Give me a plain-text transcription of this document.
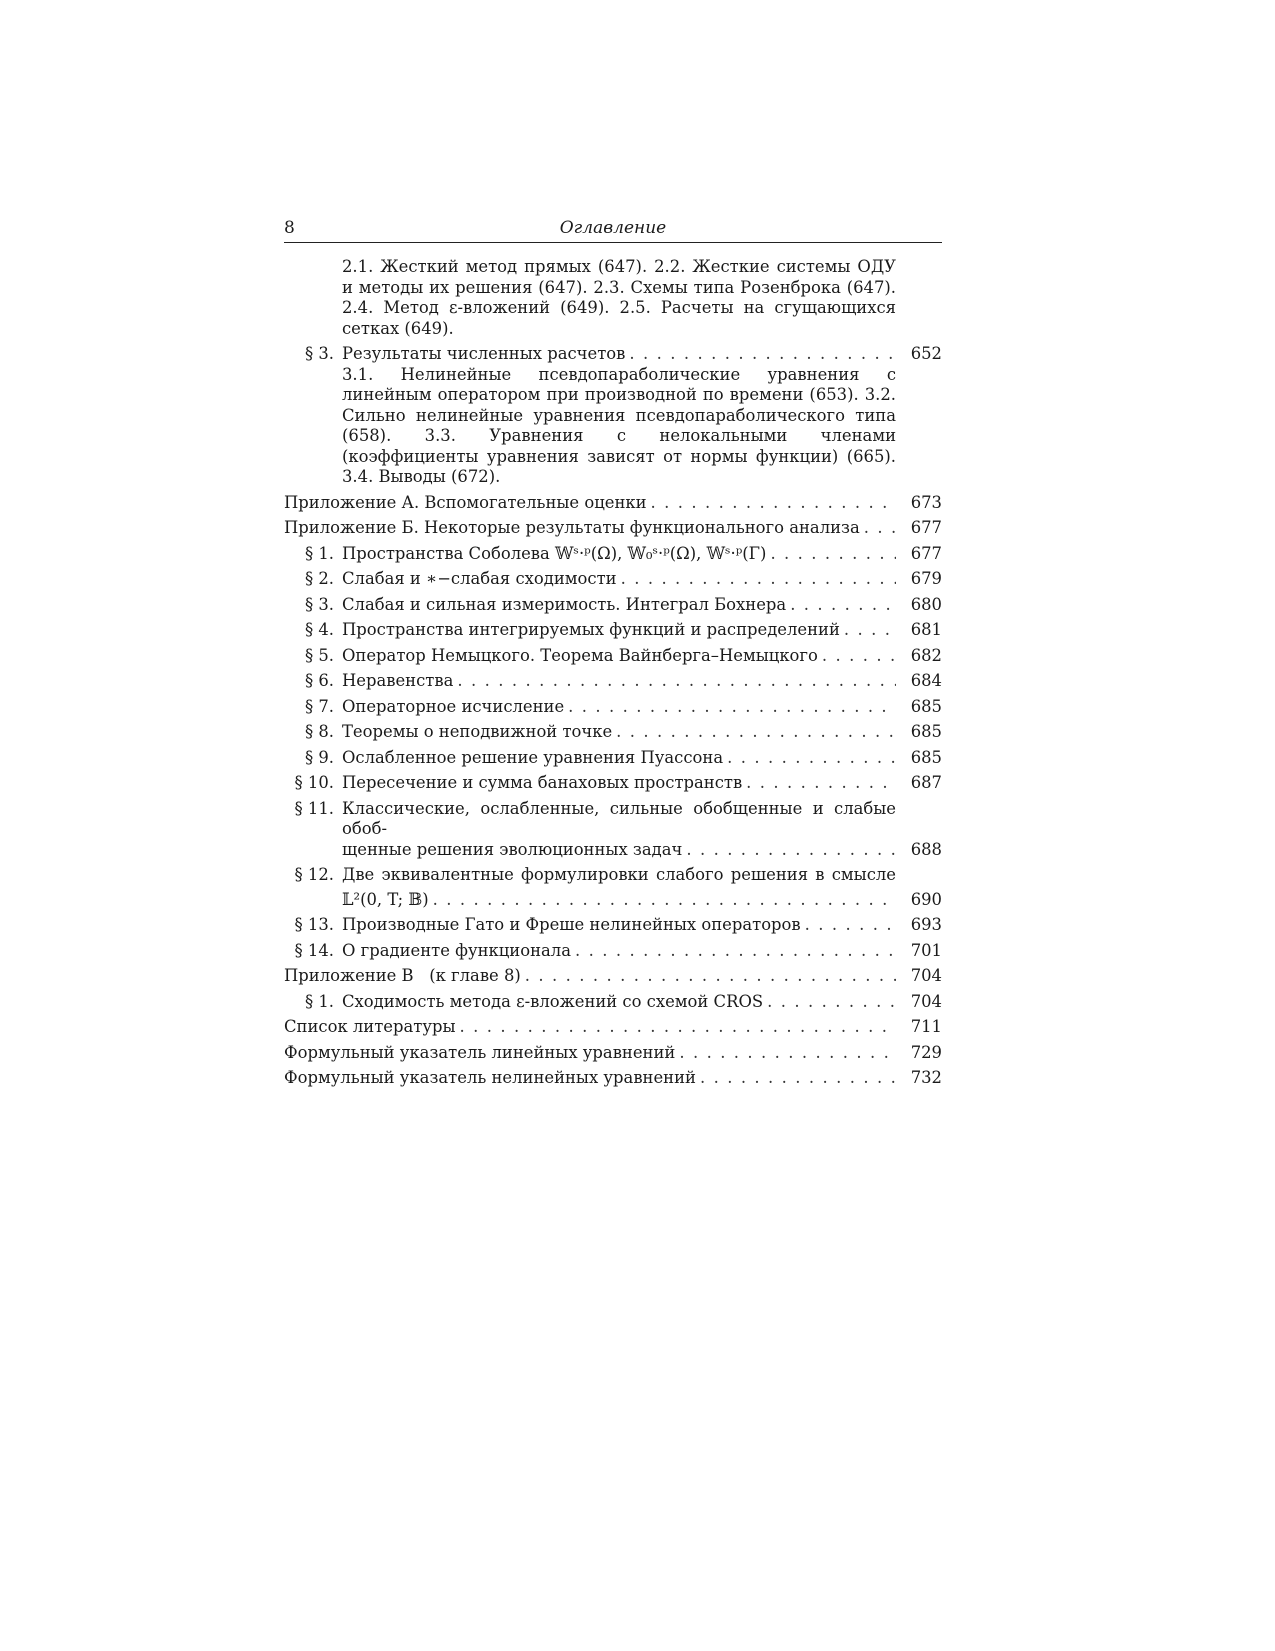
8	Оглавление
2.1. Жесткий метод прямых (647). 2.2. Жесткие системы ОДУ и методы их решения (647). 2.3. Схемы типа Розенброка (647). 2.4. Метод ε-вложений (649). 2.5. Расчеты на сгущающихся сетках (649).
§ 3. Результаты численных расчетов . . .	652
3.1. Нелинейные псевдопараболические уравнения с линейным оператором при производной по времени (653). 3.2. Сильно нелинейные уравнения псевдопараболического типа (658). 3.3. Уравнения с нелокальными членами (коэффициенты уравнения зависят от нормы функции) (665). 3.4. Выводы (672).
Приложение А. Вспомогательные оценки . . .	673
Приложение Б. Некоторые результаты функционального анализа . . .	677
§ 1. Пространства Соболева 𝕎ˢ·ᵖ(Ω), 𝕎₀ˢ·ᵖ(Ω), 𝕎ˢ·ᵖ(Γ) . . .	677
§ 2. Слабая и ∗−слабая сходимости . . .	679
§ 3. Слабая и сильная измеримость. Интеграл Бохнера . . .	680
§ 4. Пространства интегрируемых функций и распределений . . .	681
§ 5. Оператор Немыцкого. Теорема Вайнберга–Немыцкого . . .	682
§ 6. Неравенства . . .	684
§ 7. Операторное исчисление . . .	685
§ 8. Теоремы о неподвижной точке . . .	685
§ 9. Ослабленное решение уравнения Пуассона . . .	685
§ 10. Пересечение и сумма банаховых пространств . . .	687
§ 11. Классические, ослабленные, сильные обобщенные и слабые обоб-
щенные решения эволюционных задач . . .	688
§ 12. Две эквивалентные формулировки слабого решения в смысле
𝕃²(0, T; 𝔹) . . .	690
§ 13. Производные Гато и Фреше нелинейных операторов . . .	693
§ 14. О градиенте функционала . . .	701
Приложение В   (к главе 8) . . .	704
§ 1. Сходимость метода ε-вложений со схемой CROS . . .	704
Список литературы . . .	711
Формульный указатель линейных уравнений . . .	729
Формульный указатель нелинейных уравнений . . .	732
